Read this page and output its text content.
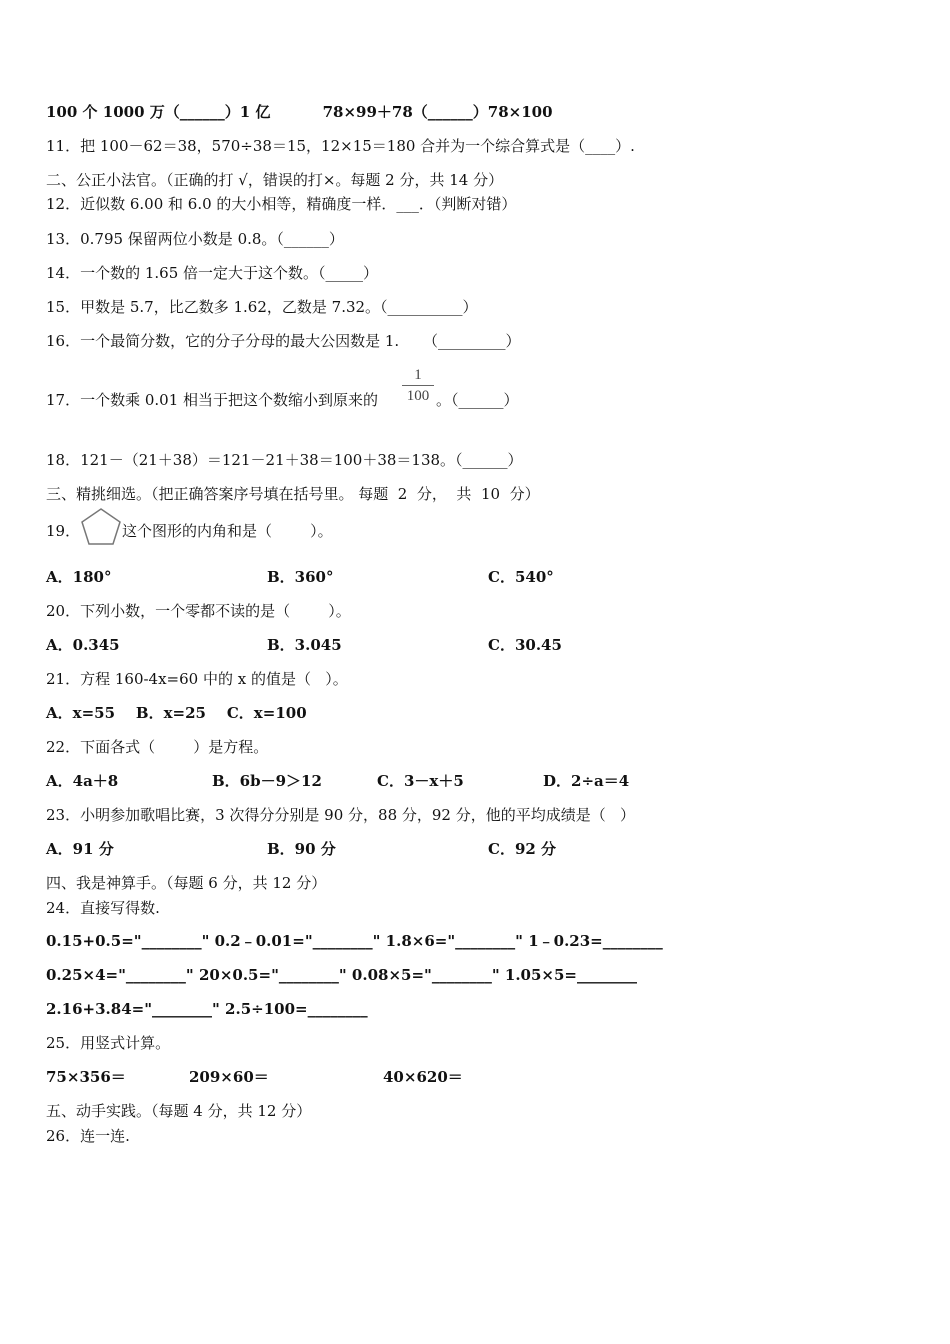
100 个 1000 万（______）1 亿          78×99＋78（______）78×100
11．把 100－62＝38，570÷38＝15，12×15＝180 合并为一个综合算式是（____）.
二、公正小法官。（正确的打 √，错误的打×。每题 2 分，共 14 分）
12．近似数 6.00 和 6.0 的大小相等，精确度一样．___．（判断对错）
13．0.795 保留两位小数是 0.8。（______）
14．一个数的 1.65 倍一定大于这个数。（_____）
15．甲数是 5.7，比乙数多 1.62，乙数是 7.32。（__________）
16．一个最简分数，它的分子分母的最大公因数是 1.     （_________）
17．一个数乘 0.01 相当于把这个数缩小到原来的
1
100 。（______）
18．121－（21＋38）＝121－21＋38＝100＋38＝138。（______）
三、精挑细选。（把正确答案序号填在括号里。 每题  2  分，  共  10  分）
19．	这个图形的内角和是（        ）。
A．180°	B．360°	C．540°
20．下列小数，一个零都不读的是（        ）。
A．0.345	B．3.045	C．30.45
21．方程 160-4x=60 中的 x 的值是（   ）。
A．x=55    B．x=25    C．x=100
22．下面各式（        ）是方程。
A．4a＋8	B．6b－9＞12	C．3－x＋5	D．2÷a＝4
23．小明参加歌唱比赛，3 次得分分别是 90 分，88 分，92 分，他的平均成绩是（   ）
A．91 分	B．90 分	C．92 分
四、我是神算手。（每题 6 分，共 12 分）
24．直接写得数.
0.15+0.5="________" 0.2﹣0.01="________" 1.8×6="________" 1﹣0.23=________
0.25×4="________" 20×0.5="________" 0.08×5="________" 1.05×5=________
2.16+3.84="________" 2.5÷100=________
25．用竖式计算。
75×356＝	209×60＝	40×620＝
五、动手实践。（每题 4 分，共 12 分）
26．连一连.
